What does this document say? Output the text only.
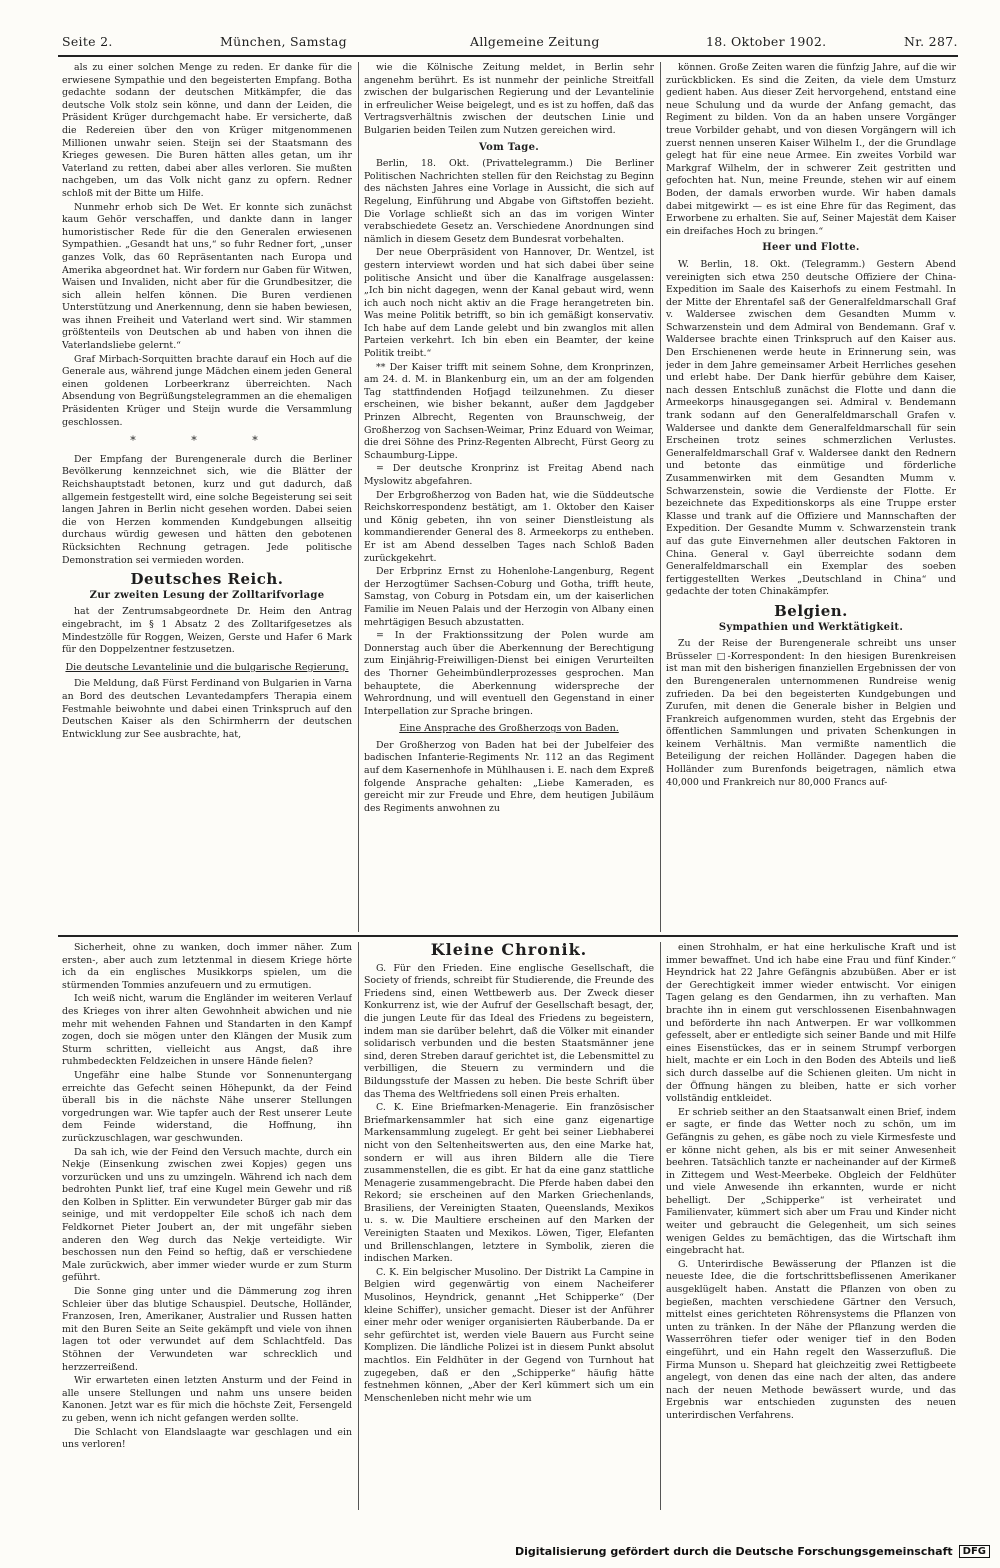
Seite 2.	München, Samstag	Allgemeine Zeitung	18. Oktober 1902.	Nr. 287.

als zu einer solchen Menge zu reden. Er danke für die erwiesene Sympathie und den begeisterten Empfang. Botha gedachte sodann der deutschen Mitkämpfer, die das deutsche Volk stolz sein könne, und dann der Leiden, die Präsident Krüger durchgemacht habe. Er versicherte, daß die Redereien über den von Krüger mitgenommenen Millionen unwahr seien. Steijn sei der Staatsmann des Krieges gewesen. Die Buren hätten alles getan, um ihr Vaterland zu retten, dabei aber alles verloren. Sie mußten nachgeben, um das Volk nicht ganz zu opfern. Redner schloß mit der Bitte um Hilfe.

Nunmehr erhob sich De Wet. Er konnte sich zunächst kaum Gehör verschaffen, und dankte dann in langer humoristischer Rede für die den Generalen erwiesenen Sympathien. „Gesandt hat uns,“ so fuhr Redner fort, „unser ganzes Volk, das 60 Repräsentanten nach Europa und Amerika abgeordnet hat. Wir fordern nur Gaben für Witwen, Waisen und Invaliden, nicht aber für die Grundbesitzer, die sich allein helfen können. Die Buren verdienen Unterstützung und Anerkennung, denn sie haben bewiesen, was ihnen Freiheit und Vaterland wert sind. Wir stammen größtenteils von Deutschen ab und haben von ihnen die Vaterlandsliebe gelernt.“

Graf Mirbach-Sorquitten brachte darauf ein Hoch auf die Generale aus, während junge Mädchen einem jeden General einen goldenen Lorbeerkranz überreichten. Nach Absendung von Begrüßungstelegrammen an die ehemaligen Präsidenten Krüger und Steijn wurde die Versammlung geschlossen.

* * *

Der Empfang der Burengenerale durch die Berliner Bevölkerung kennzeichnet sich, wie die Blätter der Reichshauptstadt betonen, kurz und gut dadurch, daß allgemein festgestellt wird, eine solche Begeisterung sei seit langen Jahren in Berlin nicht gesehen worden. Dabei seien die von Herzen kommenden Kundgebungen allseitig durchaus würdig gewesen und hätten den gebotenen Rücksichten Rechnung getragen. Jede politische Demonstration sei vermieden worden.

Deutsches Reich.
Zur zweiten Lesung der Zolltarifvorlage

hat der Zentrumsabgeordnete Dr. Heim den Antrag eingebracht, im § 1 Absatz 2 des Zolltarifgesetzes als Mindestzölle für Roggen, Weizen, Gerste und Hafer 6 Mark für den Doppelzentner festzusetzen.

Die deutsche Levantelinie und die bulgarische Regierung.

Die Meldung, daß Fürst Ferdinand von Bulgarien in Varna an Bord des deutschen Levantedampfers Therapia einem Festmahle beiwohnte und dabei einen Trinkspruch auf den Deutschen Kaiser als den Schirmherrn der deutschen Entwicklung zur See ausbrachte, hat,

wie die Kölnische Zeitung meldet, in Berlin sehr angenehm berührt. Es ist nunmehr der peinliche Streitfall zwischen der bulgarischen Regierung und der Levantelinie in erfreulicher Weise beigelegt, und es ist zu hoffen, daß das Vertragsverhältnis zwischen der deutschen Linie und Bulgarien beiden Teilen zum Nutzen gereichen wird.

Vom Tage.

Berlin, 18. Okt. (Privattelegramm.) Die Berliner Politischen Nachrichten stellen für den Reichstag zu Beginn des nächsten Jahres eine Vorlage in Aussicht, die sich auf Regelung, Einführung und Abgabe von Giftstoffen bezieht. Die Vorlage schließt sich an das im vorigen Winter verabschiedete Gesetz an. Verschiedene Anordnungen sind nämlich in diesem Gesetz dem Bundesrat vorbehalten.

Der neue Oberpräsident von Hannover, Dr. Wentzel, ist gestern interviewt worden und hat sich dabei über seine politische Ansicht und über die Kanalfrage ausgelassen: „Ich bin nicht dagegen, wenn der Kanal gebaut wird, wenn ich auch noch nicht aktiv an die Frage herangetreten bin. Was meine Politik betrifft, so bin ich gemäßigt konservativ. Ich habe auf dem Lande gelebt und bin zwanglos mit allen Parteien verkehrt. Ich bin eben ein Beamter, der keine Politik treibt.“

** Der Kaiser trifft mit seinem Sohne, dem Kronprinzen, am 24. d. M. in Blankenburg ein, um an der am folgenden Tag stattfindenden Hofjagd teilzunehmen. Zu dieser erscheinen, wie bisher bekannt, außer dem Jagdgeber Prinzen Albrecht, Regenten von Braunschweig, der Großherzog von Sachsen-Weimar, Prinz Eduard von Weimar, die drei Söhne des Prinz-Regenten Albrecht, Fürst Georg zu Schaumburg-Lippe.

= Der deutsche Kronprinz ist Freitag Abend nach Myslowitz abgefahren.

Der Erbgroßherzog von Baden hat, wie die Süddeutsche Reichskorrespondenz bestätigt, am 1. Oktober den Kaiser und König gebeten, ihn von seiner Dienstleistung als kommandierender General des 8. Armeekorps zu entheben. Er ist am Abend desselben Tages nach Schloß Baden zurückgekehrt.

Der Erbprinz Ernst zu Hohenlohe-Langenburg, Regent der Herzogtümer Sachsen-Coburg und Gotha, trifft heute, Samstag, von Coburg in Potsdam ein, um der kaiserlichen Familie im Neuen Palais und der Herzogin von Albany einen mehrtägigen Besuch abzustatten.

= In der Fraktionssitzung der Polen wurde am Donnerstag auch über die Aberkennung der Berechtigung zum Einjährig-Freiwilligen-Dienst bei einigen Verurteilten des Thorner Geheimbündlerprozesses gesprochen. Man behauptete, die Aberkennung widerspreche der Wehrordnung, und will eventuell den Gegenstand in einer Interpellation zur Sprache bringen.

Eine Ansprache des Großherzogs von Baden.

Der Großherzog von Baden hat bei der Jubelfeier des badischen Infanterie-Regiments Nr. 112 an das Regiment auf dem Kasernenhofe in Mühlhausen i. E. nach dem Expreß folgende Ansprache gehalten: „Liebe Kameraden, es gereicht mir zur Freude und Ehre, dem heutigen Jubiläum des Regiments anwohnen zu

können. Große Zeiten waren die fünfzig Jahre, auf die wir zurückblicken. Es sind die Zeiten, da viele dem Umsturz gedient haben. Aus dieser Zeit hervorgehend, entstand eine neue Schulung und da wurde der Anfang gemacht, das Regiment zu bilden. Von da an haben unsere Vorgänger treue Vorbilder gehabt, und von diesen Vorgängern will ich zuerst nennen unseren Kaiser Wilhelm I., der die Grundlage gelegt hat für eine neue Armee. Ein zweites Vorbild war Markgraf Wilhelm, der in schwerer Zeit gestritten und gefochten hat. Nun, meine Freunde, stehen wir auf einem Boden, der damals erworben wurde. Wir haben damals dabei mitgewirkt — es ist eine Ehre für das Regiment, das Erworbene zu erhalten. Sie auf, Seiner Majestät dem Kaiser ein dreifaches Hoch zu bringen.“

Heer und Flotte.

W. Berlin, 18. Okt. (Telegramm.) Gestern Abend vereinigten sich etwa 250 deutsche Offiziere der China-Expedition im Saale des Kaiserhofs zu einem Festmahl. In der Mitte der Ehrentafel saß der Generalfeldmarschall Graf v. Waldersee zwischen dem Gesandten Mumm v. Schwarzenstein und dem Admiral von Bendemann. Graf v. Waldersee brachte einen Trinkspruch auf den Kaiser aus. Den Erschienenen werde heute in Erinnerung sein, was jeder in dem Jahre gemeinsamer Arbeit Herrliches gesehen und erlebt habe. Der Dank hierfür gebühre dem Kaiser, nach dessen Entschluß zunächst die Flotte und dann die Armeekorps hinausgegangen sei. Admiral v. Bendemann trank sodann auf den Generalfeldmarschall Grafen v. Waldersee und dankte dem Generalfeldmarschall für sein Erscheinen trotz seines schmerzlichen Verlustes. Generalfeldmarschall Graf v. Waldersee dankt den Rednern und betonte das einmütige und förderliche Zusammenwirken mit dem Gesandten Mumm v. Schwarzenstein, sowie die Verdienste der Flotte. Er bezeichnete das Expeditionskorps als eine Truppe erster Klasse und trank auf die Offiziere und Mannschaften der Expedition. Der Gesandte Mumm v. Schwarzenstein trank auf das gute Einvernehmen aller deutschen Faktoren in China. General v. Gayl überreichte sodann dem Generalfeldmarschall ein Exemplar des soeben fertiggestellten Werkes „Deutschland in China“ und gedachte der toten Chinakämpfer.

Belgien.
Sympathien und Werktätigkeit.

Zu der Reise der Burengenerale schreibt uns unser Brüsseler □-Korrespondent: In den hiesigen Burenkreisen ist man mit den bisherigen finanziellen Ergebnissen der von den Burengeneralen unternommenen Rundreise wenig zufrieden. Da bei den begeisterten Kundgebungen und Zurufen, mit denen die Generale bisher in Belgien und Frankreich aufgenommen wurden, steht das Ergebnis der öffentlichen Sammlungen und privaten Schenkungen in keinem Verhältnis. Man vermißte namentlich die Beteiligung der reichen Holländer. Dagegen haben die Holländer zum Burenfonds beigetragen, nämlich etwa 40,000 und Frankreich nur 80,000 Francs auf-

Sicherheit, ohne zu wanken, doch immer näher. Zum ersten-, aber auch zum letztenmal in diesem Kriege hörte ich da ein englisches Musikkorps spielen, um die stürmenden Tommies anzufeuern und zu ermutigen.

Ich weiß nicht, warum die Engländer im weiteren Verlauf des Krieges von ihrer alten Gewohnheit abwichen und nie mehr mit wehenden Fahnen und Standarten in den Kampf zogen, doch sie mögen unter den Klängen der Musik zum Sturm schritten, vielleicht aus Angst, daß ihre ruhmbedeckten Feldzeichen in unsere Hände fielen?

Ungefähr eine halbe Stunde vor Sonnenuntergang erreichte das Gefecht seinen Höhepunkt, da der Feind überall bis in die nächste Nähe unserer Stellungen vorgedrungen war. Wie tapfer auch der Rest unserer Leute dem Feinde widerstand, die Hoffnung, ihn zurückzuschlagen, war geschwunden.

Da sah ich, wie der Feind den Versuch machte, durch ein Nekje (Einsenkung zwischen zwei Kopjes) gegen uns vorzurücken und uns zu umzingeln. Während ich nach dem bedrohten Punkt lief, traf eine Kugel mein Gewehr und riß den Kolben in Splitter. Ein verwundeter Bürger gab mir das seinige, und mit verdoppelter Eile schoß ich nach dem Feldkornet Pieter Joubert an, der mit ungefähr sieben anderen den Weg durch das Nekje verteidigte. Wir beschossen nun den Feind so heftig, daß er verschiedene Male zurückwich, aber immer wieder wurde er zum Sturm geführt.

Die Sonne ging unter und die Dämmerung zog ihren Schleier über das blutige Schauspiel. Deutsche, Holländer, Franzosen, Iren, Amerikaner, Australier und Russen hatten mit den Buren Seite an Seite gekämpft und viele von ihnen lagen tot oder verwundet auf dem Schlachtfeld. Das Stöhnen der Verwundeten war schrecklich und herzzerreißend.

Wir erwarteten einen letzten Ansturm und der Feind in alle unsere Stellungen und nahm uns unsere beiden Kanonen. Jetzt war es für mich die höchste Zeit, Fersengeld zu geben, wenn ich nicht gefangen werden sollte.

Die Schlacht von Elandslaagte war geschlagen und ein uns verloren!

Kleine Chronik.

G. Für den Frieden. Eine englische Gesellschaft, die Society of friends, schreibt für Studierende, die Freunde des Friedens sind, einen Wettbewerb aus. Der Zweck dieser Konkurrenz ist, wie der Aufruf der Gesellschaft besagt, der, die jungen Leute für das Ideal des Friedens zu begeistern, indem man sie darüber belehrt, daß die Völker mit einander solidarisch verbunden und die besten Staatsmänner jene sind, deren Streben darauf gerichtet ist, die Lebensmittel zu verbilligen, die Steuern zu vermindern und die Bildungsstufe der Massen zu heben. Die beste Schrift über das Thema des Weltfriedens soll einen Preis erhalten.

C. K. Eine Briefmarken-Menagerie. Ein französischer Briefmarkensammler hat sich eine ganz eigenartige Markensammlung zugelegt. Er geht bei seiner Liebhaberei nicht von den Seltenheitswerten aus, den eine Marke hat, sondern er will aus ihren Bildern alle die Tiere zusammenstellen, die es gibt. Er hat da eine ganz stattliche Menagerie zusammengebracht. Die Pferde haben dabei den Rekord; sie erscheinen auf den Marken Griechenlands, Brasiliens, der Vereinigten Staaten, Queenslands, Mexikos u. s. w. Die Maultiere erscheinen auf den Marken der Vereinigten Staaten und Mexikos. Löwen, Tiger, Elefanten und Brillenschlangen, letztere in Symbolik, zieren die indischen Marken.

C. K. Ein belgischer Musolino. Der Distrikt La Campine in Belgien wird gegenwärtig von einem Nacheiferer Musolinos, Heyndrick, genannt „Het Schipperke“ (Der kleine Schiffer), unsicher gemacht. Dieser ist der Anführer einer mehr oder weniger organisierten Räuberbande. Da er sehr gefürchtet ist, werden viele Bauern aus Furcht seine Komplizen. Die ländliche Polizei ist in diesem Punkt absolut machtlos. Ein Feldhüter in der Gegend von Turnhout hat zugegeben, daß er den „Schipperke“ häufig hätte festnehmen können, „Aber der Kerl kümmert sich um ein Menschenleben nicht mehr wie um

einen Strohhalm, er hat eine herkulische Kraft und ist immer bewaffnet. Und ich habe eine Frau und fünf Kinder.“ Heyndrick hat 22 Jahre Gefängnis abzubüßen. Aber er ist der Gerechtigkeit immer wieder entwischt. Vor einigen Tagen gelang es den Gendarmen, ihn zu verhaften. Man brachte ihn in einem gut verschlossenen Eisenbahnwagen und beförderte ihn nach Antwerpen. Er war vollkommen gefesselt, aber er entledigte sich seiner Bande und mit Hilfe eines Eisenstückes, das er in seinem Strumpf verborgen hielt, machte er ein Loch in den Boden des Abteils und ließ sich durch dasselbe auf die Schienen gleiten. Um nicht in der Öffnung hängen zu bleiben, hatte er sich vorher vollständig entkleidet.

Er schrieb seither an den Staatsanwalt einen Brief, indem er sagte, er finde das Wetter noch zu schön, um im Gefängnis zu gehen, es gäbe noch zu viele Kirmesfeste und er könne nicht gehen, als bis er mit seiner Anwesenheit beehren. Tatsächlich tanzte er nacheinander auf der Kirmeß in Zittegem und West-Meerbeke. Obgleich der Feldhüter und viele Anwesende ihn erkannten, wurde er nicht behelligt. Der „Schipperke“ ist verheiratet und Familienvater, kümmert sich aber um Frau und Kinder nicht weiter und gebraucht die Gelegenheit, um sich seines wenigen Geldes zu bemächtigen, das die Wirtschaft ihm eingebracht hat.

G. Unterirdische Bewässerung der Pflanzen ist die neueste Idee, die die fortschrittsbeflissenen Amerikaner ausgeklügelt haben. Anstatt die Pflanzen von oben zu begießen, machten verschiedene Gärtner den Versuch, mittelst eines gerichteten Röhrensystems die Pflanzen von unten zu tränken. In der Nähe der Pflanzung werden die Wasserröhren tiefer oder weniger tief in den Boden eingeführt, und ein Hahn regelt den Wasserzufluß. Die Firma Munson u. Shepard hat gleichzeitig zwei Rettigbeete angelegt, von denen das eine nach der alten, das andere nach der neuen Methode bewässert wurde, und das Ergebnis war entschieden zugunsten des neuen unterirdischen Verfahrens.

Digitalisierung gefördert durch die Deutsche Forschungsgemeinschaft	DFG
